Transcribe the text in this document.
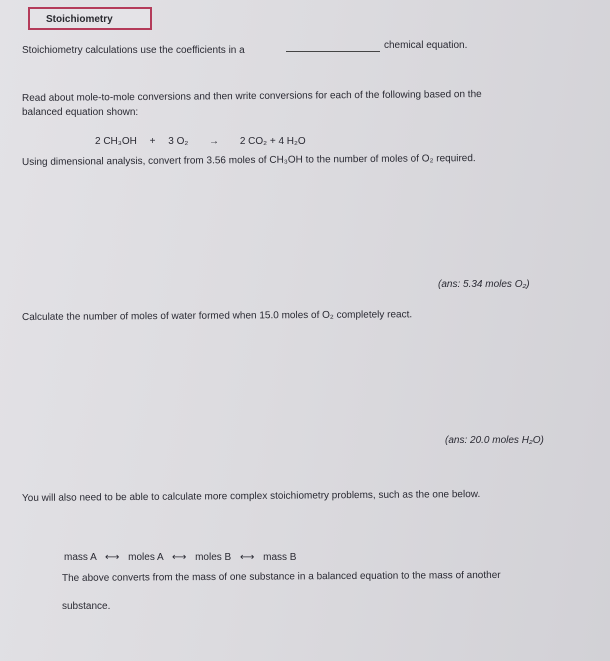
Stoichiometry
Stoichiometry calculations use the coefficients in a	chemical equation.
Read about mole-to-mole conversions and then write conversions for each of the following based on the
balanced equation shown:
2 CH₃OH + 3 O₂ → 2 CO₂ + 4 H₂O
Using dimensional analysis, convert from 3.56 moles of CH₃OH to the number of moles of O₂ required.
(ans: 5.34 moles O₂)
Calculate the number of moles of water formed when 15.0 moles of O₂ completely react.
(ans: 20.0 moles H₂O)
You will also need to be able to calculate more complex stoichiometry problems, such as the one below.
mass A ⟷ moles A ⟷ moles B ⟷ mass B
The above converts from the mass of one substance in a balanced equation to the mass of another
substance.
